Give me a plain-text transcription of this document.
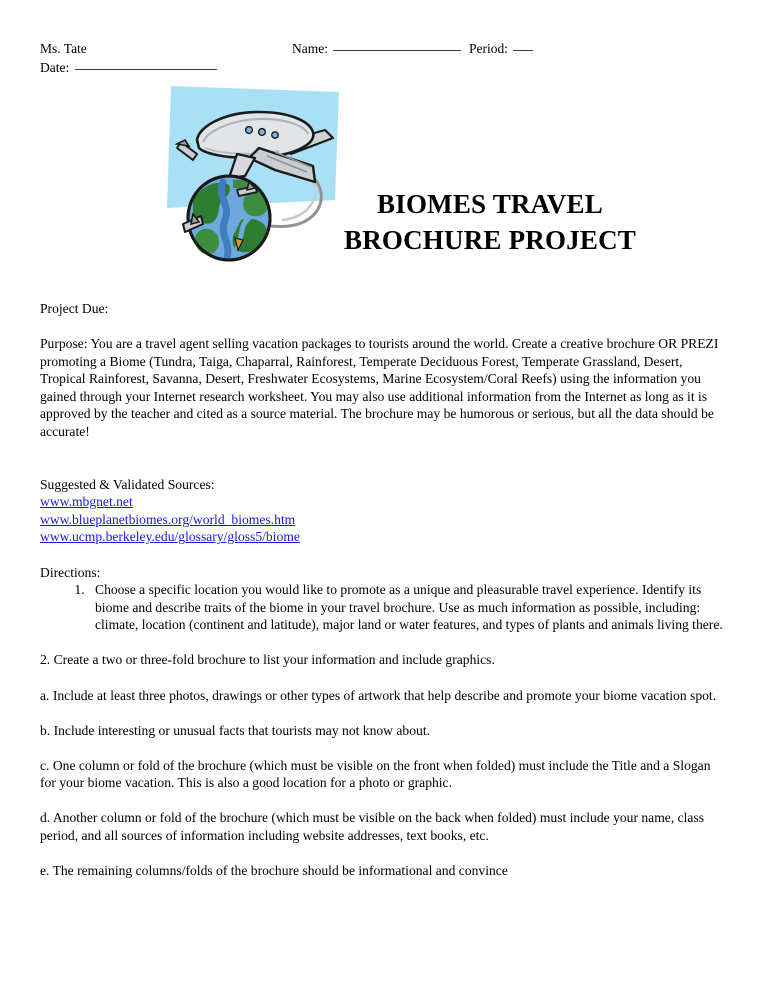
Ms. Tate	Name:	Period:
Date:
BIOMES TRAVEL
BROCHURE PROJECT

Project Due:

Purpose: You are a travel agent selling vacation packages to tourists around the world. Create a creative brochure OR PREZI promoting a Biome (Tundra, Taiga, Chaparral, Rainforest, Temperate Deciduous Forest, Temperate Grassland, Desert, Tropical Rainforest, Savanna, Desert, Freshwater Ecosystems, Marine Ecosystem/Coral Reefs) using the information you gained through your Internet research worksheet. You may also use additional information from the Internet as long as it is approved by the teacher and cited as a source material. The brochure may be humorous or serious, but all the data should be accurate!

Suggested & Validated Sources:

www.mbgnet.net

www.blueplanetbiomes.org/world_biomes.htm

www.ucmp.berkeley.edu/glossary/gloss5/biome

Directions:

1. Choose a specific location you would like to promote as a unique and pleasurable travel experience. Identify its biome and describe traits of the biome in your travel brochure. Use as much information as possible, including: climate, location (continent and latitude), major land or water features, and types of plants and animals living there.

2. Create a two or three-fold brochure to list your information and include graphics.

a. Include at least three photos, drawings or other types of artwork that help describe and promote your biome vacation spot.

b. Include interesting or unusual facts that tourists may not know about.

c. One column or fold of the brochure (which must be visible on the front when folded) must include the Title and a Slogan for your biome vacation. This is also a good location for a photo or graphic.

d. Another column or fold of the brochure (which must be visible on the back when folded) must include your name, class period, and all sources of information including website addresses, text books, etc.

e. The remaining columns/folds of the brochure should be informational and convince
